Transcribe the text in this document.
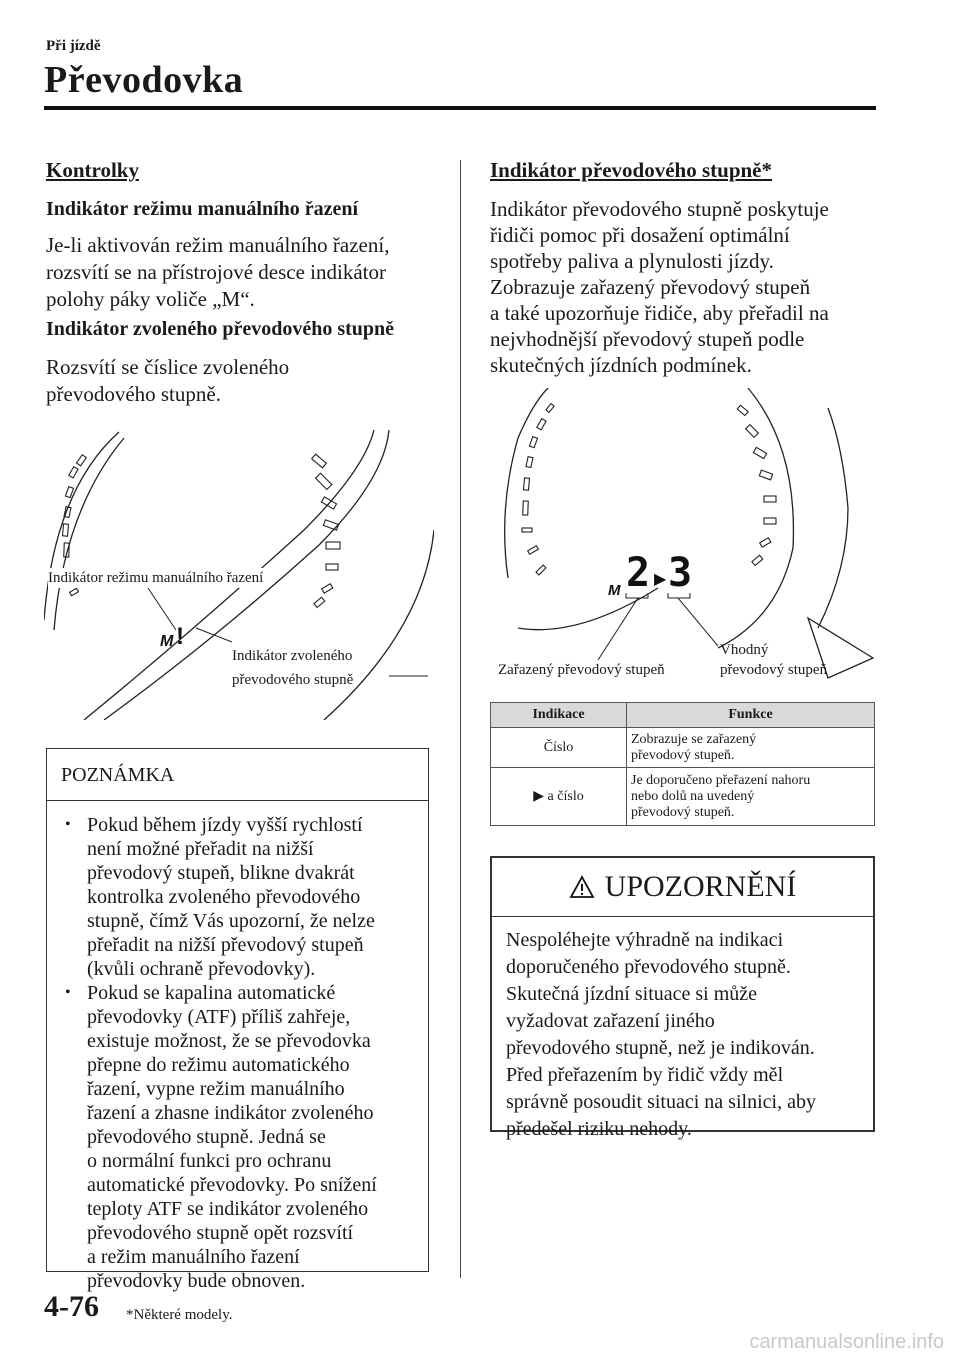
Při jízdě
Převodovka
Kontrolky
Indikátor režimu manuálního řazení
Je-li aktivován režim manuálního řazení,
rozsvítí se na přístrojové desce indikátor
polohy páky voliče „M“.
Indikátor zvoleného převodového stupně
Rozsvítí se číslice zvoleného
převodového stupně.
M !
Indikátor režimu manuálního řazení
Indikátor zvoleného
převodového stupně
POZNÁMKA
• Pokud během jízdy vyšší rychlostí
není možné přeřadit na nižší
převodový stupeň, blikne dvakrát
kontrolka zvoleného převodového
stupně, čímž Vás upozorní, že nelze
přeřadit na nižší převodový stupeň
(kvůli ochraně převodovky).
• Pokud se kapalina automatické
převodovky (ATF) příliš zahřeje,
existuje možnost, že se převodovka
přepne do režimu automatického
řazení, vypne režim manuálního
řazení a zhasne indikátor zvoleného
převodového stupně. Jedná se
o normální funkci pro ochranu
automatické převodovky. Po snížení
teploty ATF se indikátor zvoleného
převodového stupně opět rozsvítí
a režim manuálního řazení
převodovky bude obnoven.
Indikátor převodového stupně*
Indikátor převodového stupně poskytuje
řidiči pomoc při dosažení optimální
spotřeby paliva a plynulosti jízdy.
Zobrazuje zařazený převodový stupeň
a také upozorňuje řidiče, aby přeřadil na
nejvhodnější převodový stupeň podle
skutečných jízdních podmínek.
M 2 ▶ 3
Zařazený převodový stupeň
Vhodný
převodový stupeň
Indikace	Funkce
Číslo	Zobrazuje se zařazený
převodový stupeň.

▶ a číslo	Je doporučeno přeřazení nahoru
nebo dolů na uvedený
převodový stupeň.
UPOZORNĚNÍ
Nespoléhejte výhradně na indikaci
doporučeného převodového stupně.
Skutečná jízdní situace si může
vyžadovat zařazení jiného
převodového stupně, než je indikován.
Před přeřazením by řidič vždy měl
správně posoudit situaci na silnici, aby
předešel riziku nehody.
4-76 *Některé modely.
carmanualsonline.info
